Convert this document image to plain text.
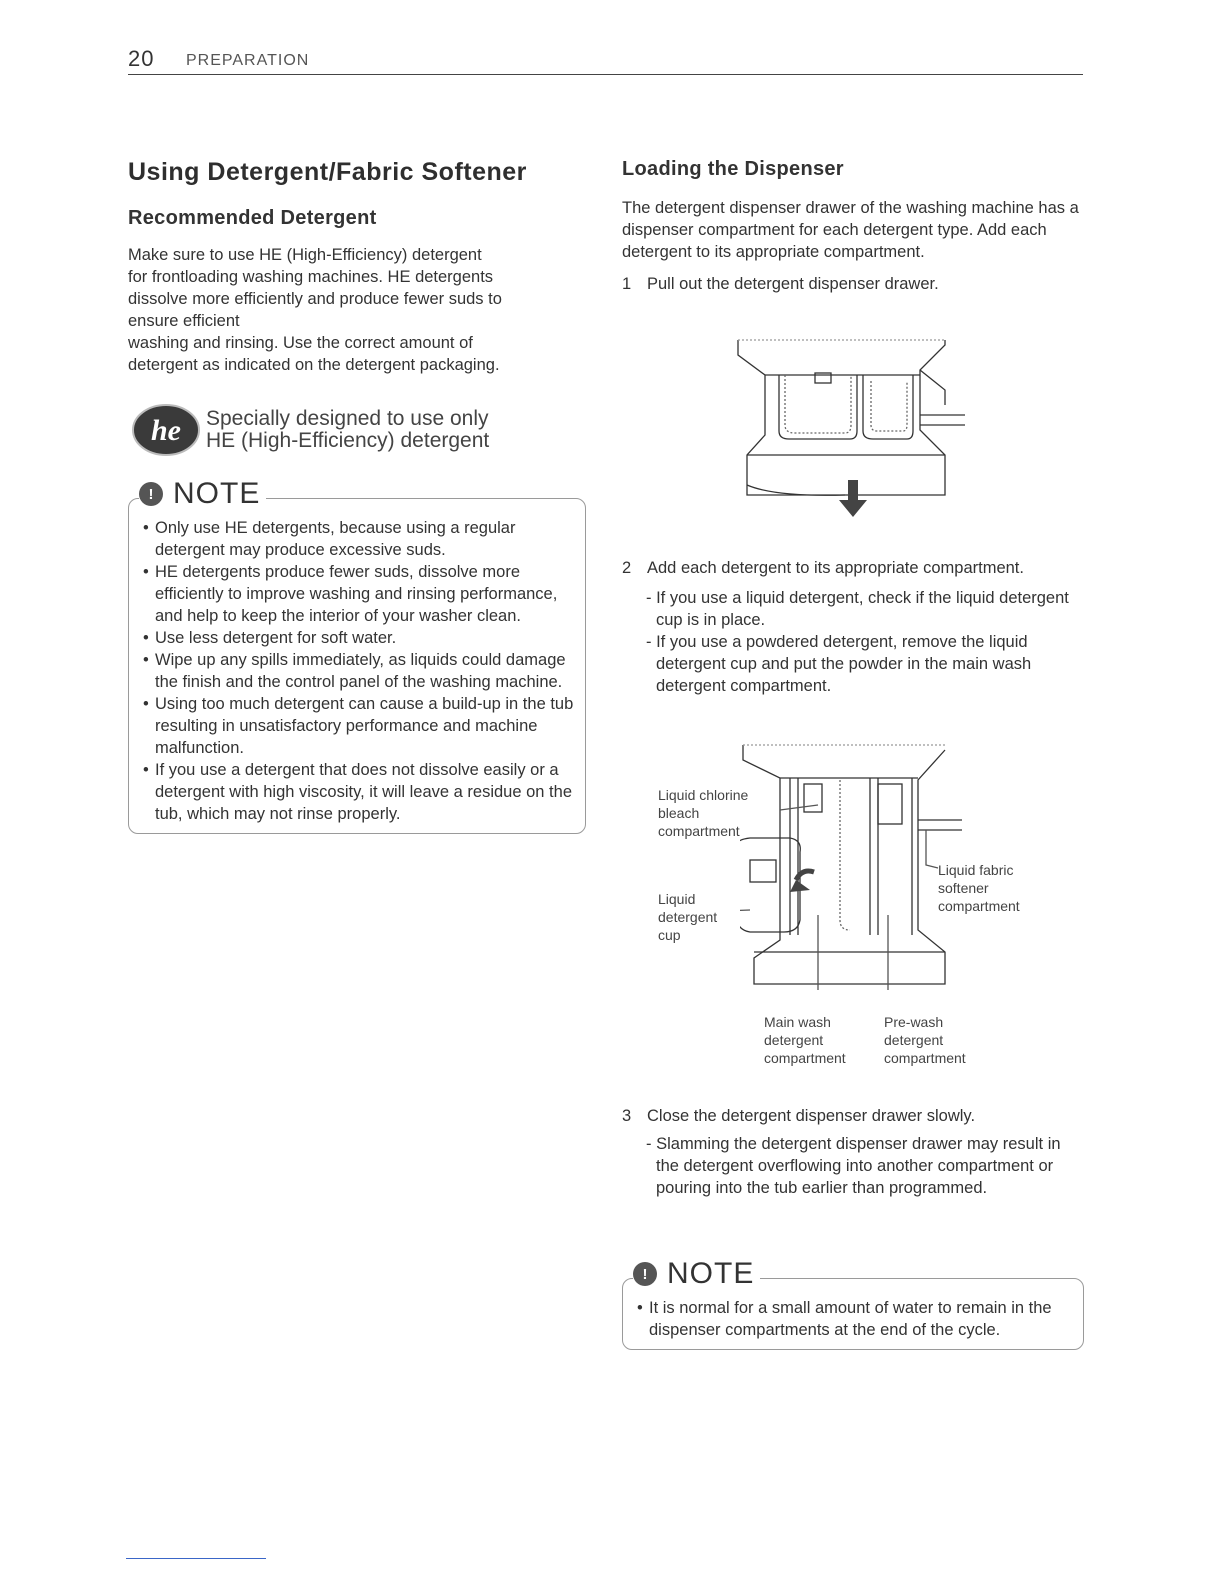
20 PREPARATION
Using Detergent/Fabric Softener
Recommended Detergent

Make sure to use HE (High-Efficiency) detergent
for frontloading washing machines. HE detergents
dissolve more efficiently and produce fewer suds to
ensure efficient
washing and rinsing. Use the correct amount of
detergent as indicated on the detergent packaging.

he Specially designed to use only
HE (High-Efficiency) detergent
! NOTE
• Only use HE detergents, because using a regular detergent may produce excessive suds.
• HE detergents produce fewer suds, dissolve more efficiently to improve washing and rinsing performance, and help to keep the interior of your washer clean.
• Use less detergent for soft water.
• Wipe up any spills immediately, as liquids could damage the finish and the control panel of the washing machine.
• Using too much detergent can cause a build-up in the tub resulting in unsatisfactory performance and machine malfunction.
• If you use a detergent that does not dissolve easily or a detergent with high viscosity, it will leave a residue on the tub, which may not rinse properly.
Loading the Dispenser

The detergent dispenser drawer of the washing machine has a dispenser compartment for each detergent type. Add each detergent to its appropriate compartment.

1 Pull out the detergent dispenser drawer.
2 Add each detergent to its appropriate compartment.
- If you use a liquid detergent, check if the liquid detergent cup is in place.
- If you use a powdered detergent, remove the liquid detergent cup and put the powder in the main wash detergent compartment.
Liquid chlorine
bleach
compartment
Liquid
detergent
cup
Liquid fabric
softener
compartment
Main wash
detergent
compartment
Pre-wash
detergent
compartment
3 Close the detergent dispenser drawer slowly.
- Slamming the detergent dispenser drawer may result in the detergent overflowing into another compartment or pouring into the tub earlier than programmed.
! NOTE
• It is normal for a small amount of water to remain in the dispenser compartments at the end of the cycle.
